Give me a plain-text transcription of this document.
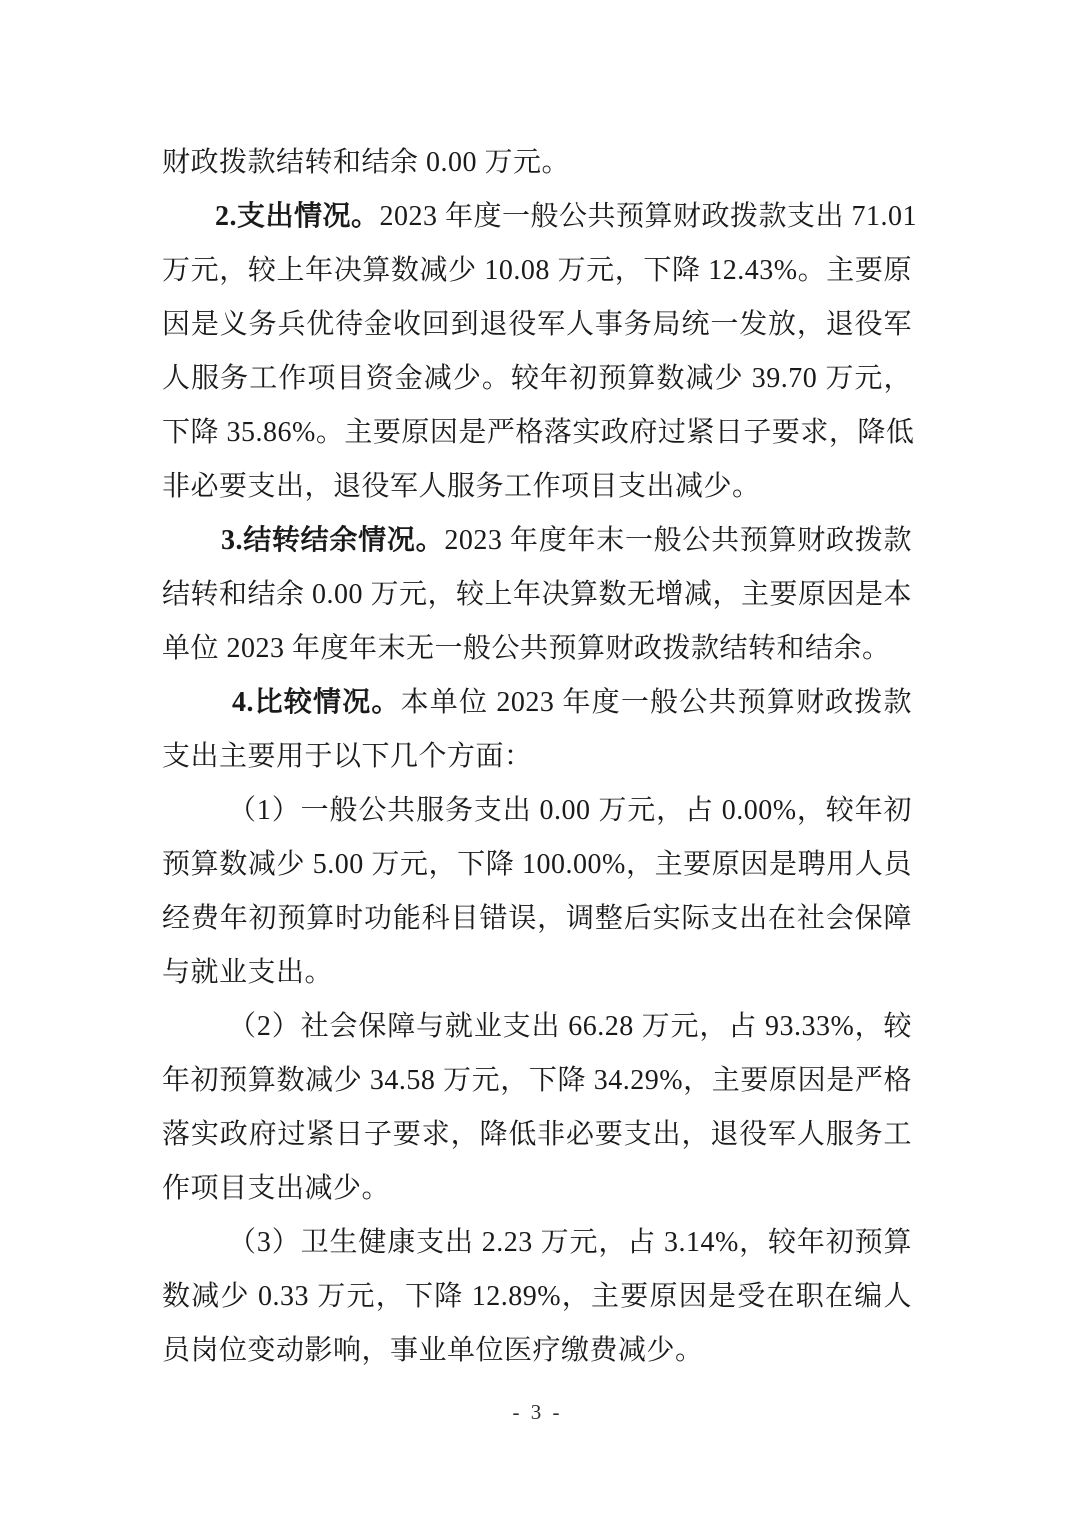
财政拨款结转和结余 0.00 万元。
2.支出情况。2023 年度一般公共预算财政拨款支出 71.01
万元，较上年决算数减少 10.08 万元，下降 12.43%。主要原
因是义务兵优待金收回到退役军人事务局统一发放，退役军
人服务工作项目资金减少。较年初预算数减少 39.70 万元，
下降 35.86%。主要原因是严格落实政府过紧日子要求，降低
非必要支出，退役军人服务工作项目支出减少。
3.结转结余情况。2023 年度年末一般公共预算财政拨款
结转和结余 0.00 万元，较上年决算数无增减，主要原因是本
单位 2023 年度年末无一般公共预算财政拨款结转和结余。
4.比较情况。本单位 2023 年度一般公共预算财政拨款
支出主要用于以下几个方面：
（1）一般公共服务支出 0.00 万元，占 0.00%，较年初
预算数减少 5.00 万元，下降 100.00%，主要原因是聘用人员
经费年初预算时功能科目错误，调整后实际支出在社会保障
与就业支出。
（2）社会保障与就业支出 66.28 万元，占 93.33%，较
年初预算数减少 34.58 万元，下降 34.29%，主要原因是严格
落实政府过紧日子要求，降低非必要支出，退役军人服务工
作项目支出减少。
（3）卫生健康支出 2.23 万元，占 3.14%，较年初预算
数减少 0.33 万元，下降 12.89%，主要原因是受在职在编人
员岗位变动影响，事业单位医疗缴费减少。
- 3 -
